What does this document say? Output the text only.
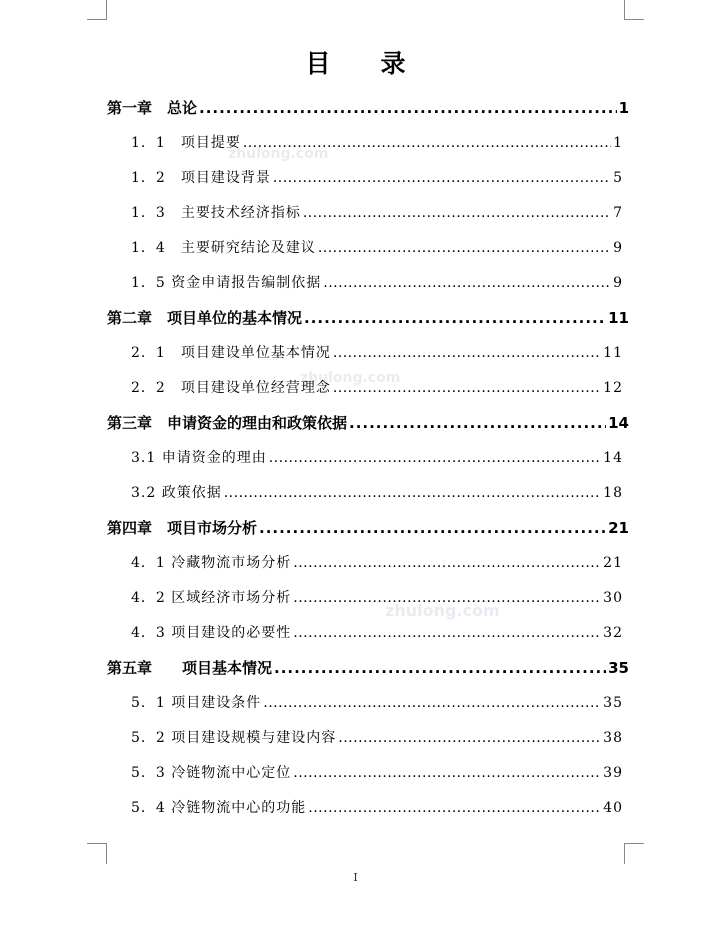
目 录
zhulong.com
zhulong.com
zhulong.com
第一章　总论 .....	1
1．1　项目提要 .....	1
1．2　项目建设背景 .....	5
1．3　主要技术经济指标 .....	7
1．4　主要研究结论及建议 .....	9
1．5 资金申请报告编制依据 .....	9
第二章　项目单位的基本情况 .....	11
2．1　项目建设单位基本情况 .....	11
2．2　项目建设单位经营理念 .....	12
第三章　申请资金的理由和政策依据 .....	14
3.1 申请资金的理由 .....	14
3.2 政策依据 .....	18
第四章　项目市场分析 .....	21
4．1 冷藏物流市场分析 .....	21
4．2 区域经济市场分析 .....	30
4．3 项目建设的必要性 .....	32
第五章　　项目基本情况 .....	35
5．1 项目建设条件 .....	35
5．2 项目建设规模与建设内容 .....	38
5．3 冷链物流中心定位 .....	39
5．4 冷链物流中心的功能 .....	40
I
